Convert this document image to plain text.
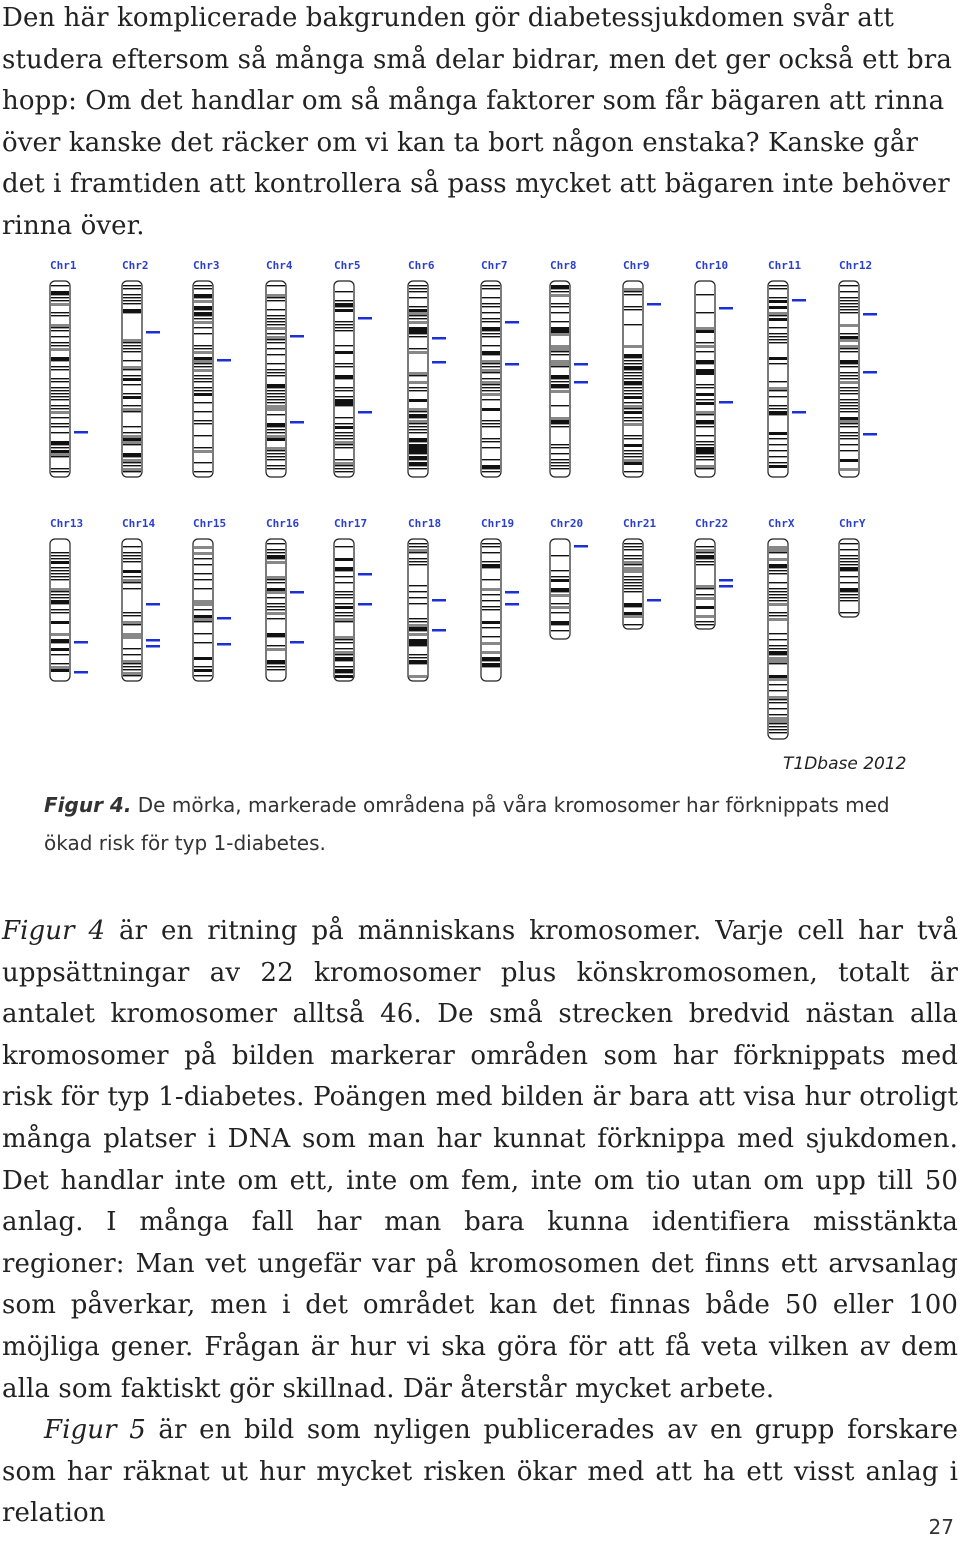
Den här komplicerade bakgrunden gör diabetessjukdomen svår att studera eftersom så många små delar bidrar, men det ger också ett bra hopp: Om det handlar om så många faktorer som får bägaren att rinna över kanske det räcker om vi kan ta bort någon enstaka? Kanske går det i framtiden att kontrollera så pass mycket att bägaren inte behöver rinna över.

Chr1	Chr2	Chr3	Chr4	Chr5	Chr6	Chr7	Chr8	Chr9	Chr10	Chr11	Chr12
Chr13	Chr14	Chr15	Chr16	Chr17	Chr18	Chr19	Chr20	Chr21	Chr22	ChrX	ChrY
T1Dbase 2012
Figur 4. De mörka, markerade områdena på våra kromosomer har förknippats med ökad risk för typ 1-diabetes.

Figur 4 är en ritning på människans kromosomer. Varje cell har två uppsättningar av 22 kromosomer plus könskromosomen, totalt är antalet kromosomer alltså 46. De små strecken bredvid nästan alla kromosomer på bilden markerar områden som har förknippats med risk för typ 1-diabetes. Poängen med bilden är bara att visa hur otroligt många platser i DNA som man har kunnat förknippa med sjukdomen. Det handlar inte om ett, inte om fem, inte om tio utan om upp till 50 anlag. I många fall har man bara kunna identifiera misstänkta regioner: Man vet ungefär var på kromosomen det finns ett arvsanlag som påverkar, men i det området kan det finnas både 50 eller 100 möjliga gener. Frågan är hur vi ska göra för att få veta vilken av dem alla som faktiskt gör skillnad. Där återstår mycket arbete.

Figur 5 är en bild som nyligen publicerades av en grupp forskare som har räknat ut hur mycket risken ökar med att ha ett visst anlag i relation	27
